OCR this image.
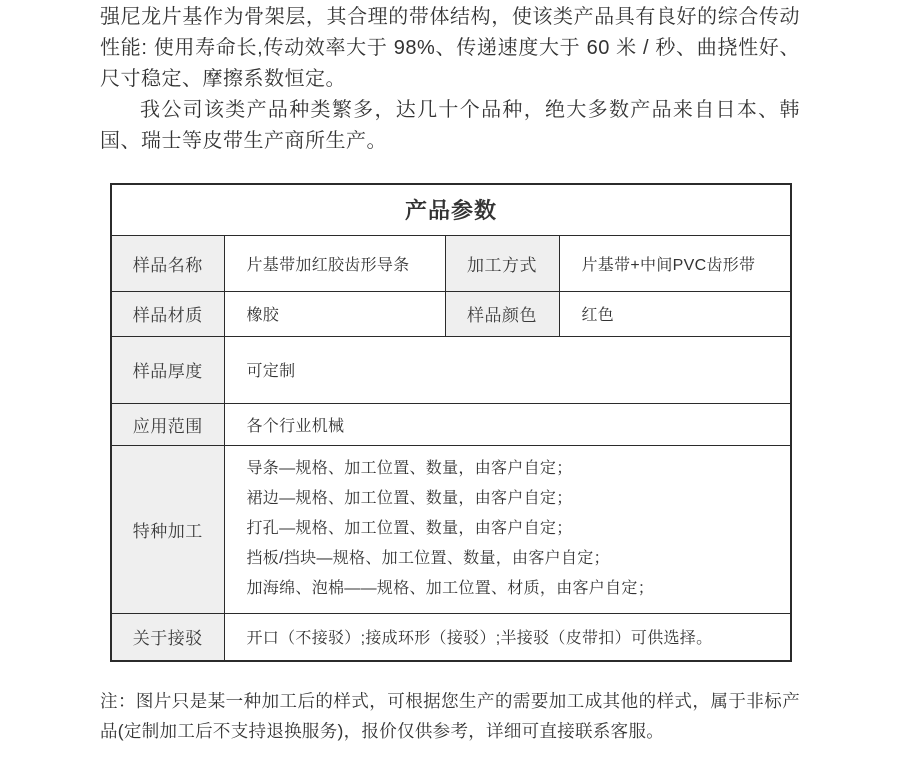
强尼龙片基作为骨架层，其合理的带体结构，使该类产品具有良好的综合传动性能: 使用寿命长,传动效率大于 98%、传递速度大于 60 米 / 秒、曲挠性好、尺寸稳定、摩擦系数恒定。

我公司该类产品种类繁多，达几十个品种，绝大多数产品来自日本、韩国、瑞士等皮带生产商所生产。

产品参数			
样品名称	片基带加红胶齿形导条	加工方式	片基带+中间PVC齿形带
样品材质	橡胶	样品颜色	红色
样品厚度	可定制		
应用范围	各个行业机械		
特种加工	导条—规格、加工位置、数量，由客户自定；
裙边—规格、加工位置、数量，由客户自定；
打孔—规格、加工位置、数量，由客户自定；
挡板/挡块—规格、加工位置、数量，由客户自定；
加海绵、泡棉——规格、加工位置、材质，由客户自定；		

关于接驳	开口（不接驳）;接成环形（接驳）;半接驳（皮带扣）可供选择。		

注：图片只是某一种加工后的样式，可根据您生产的需要加工成其他的样式，属于非标产品(定制加工后不支持退换服务)，报价仅供参考，详细可直接联系客服。
